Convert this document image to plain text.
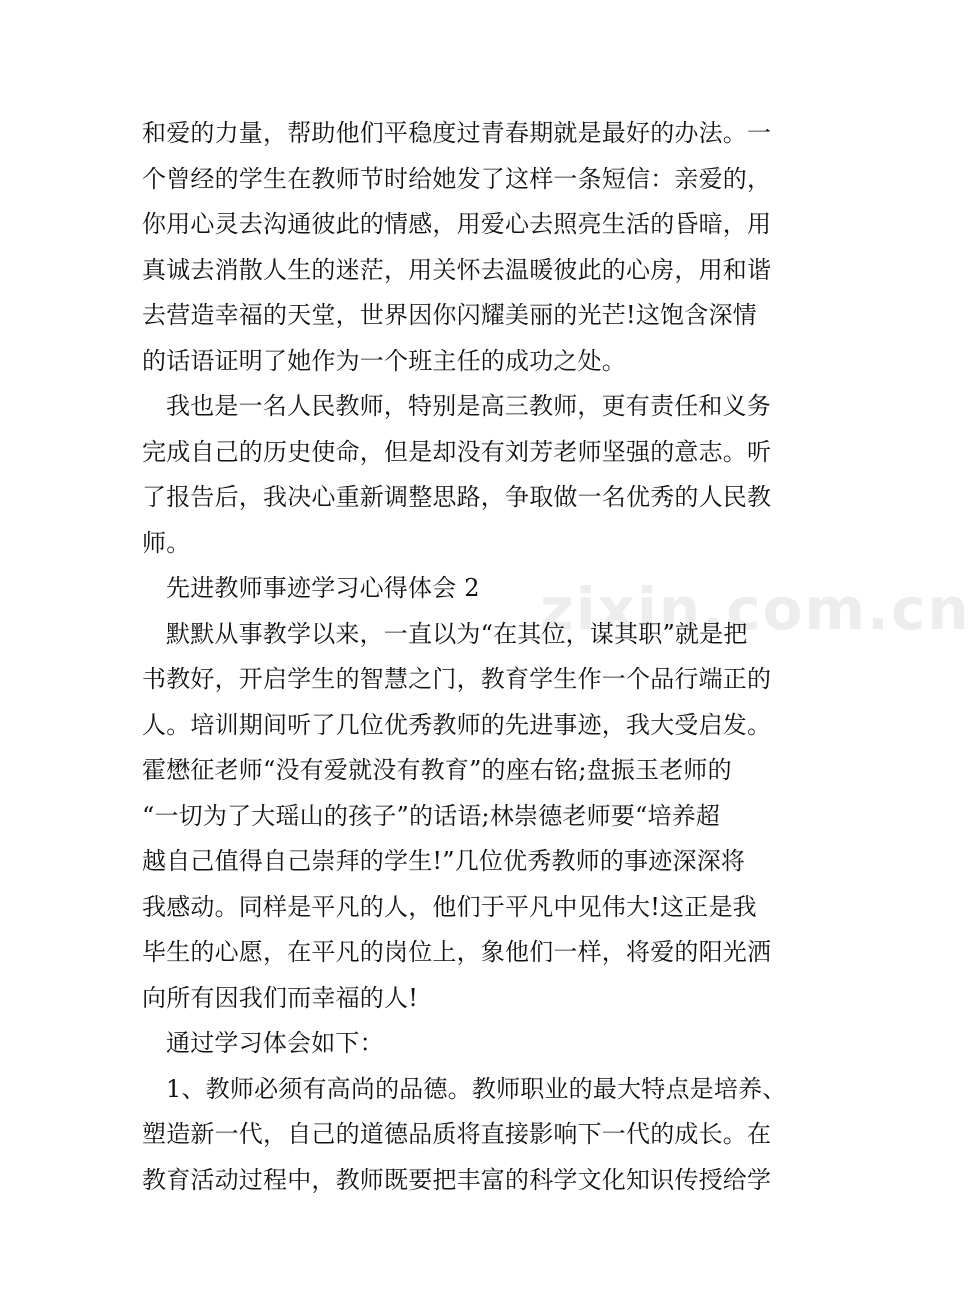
zixin.com.cn
和爱的力量，帮助他们平稳度过青春期就是最好的办法。一
个曾经的学生在教师节时给她发了这样一条短信：亲爱的，
你用心灵去沟通彼此的情感，用爱心去照亮生活的昏暗，用
真诚去消散人生的迷茫，用关怀去温暖彼此的心房，用和谐
去营造幸福的天堂，世界因你闪耀美丽的光芒!这饱含深情
的话语证明了她作为一个班主任的成功之处。
我也是一名人民教师，特别是高三教师，更有责任和义务
完成自己的历史使命，但是却没有刘芳老师坚强的意志。听
了报告后，我决心重新调整思路，争取做一名优秀的人民教
师。
先进教师事迹学习心得体会 2
默默从事教学以来，一直以为“在其位，谋其职”就是把
书教好，开启学生的智慧之门，教育学生作一个品行端正的
人。培训期间听了几位优秀教师的先进事迹，我大受启发。
霍懋征老师“没有爱就没有教育”的座右铭;盘振玉老师的
“一切为了大瑶山的孩子”的话语;林崇德老师要“培养超
越自己值得自己崇拜的学生!”几位优秀教师的事迹深深将
我感动。同样是平凡的人，他们于平凡中见伟大!这正是我
毕生的心愿，在平凡的岗位上，象他们一样，将爱的阳光洒
向所有因我们而幸福的人!
通过学习体会如下：
1、教师必须有高尚的品德。教师职业的最大特点是培养、
塑造新一代，自己的道德品质将直接影响下一代的成长。在
教育活动过程中，教师既要把丰富的科学文化知识传授给学
